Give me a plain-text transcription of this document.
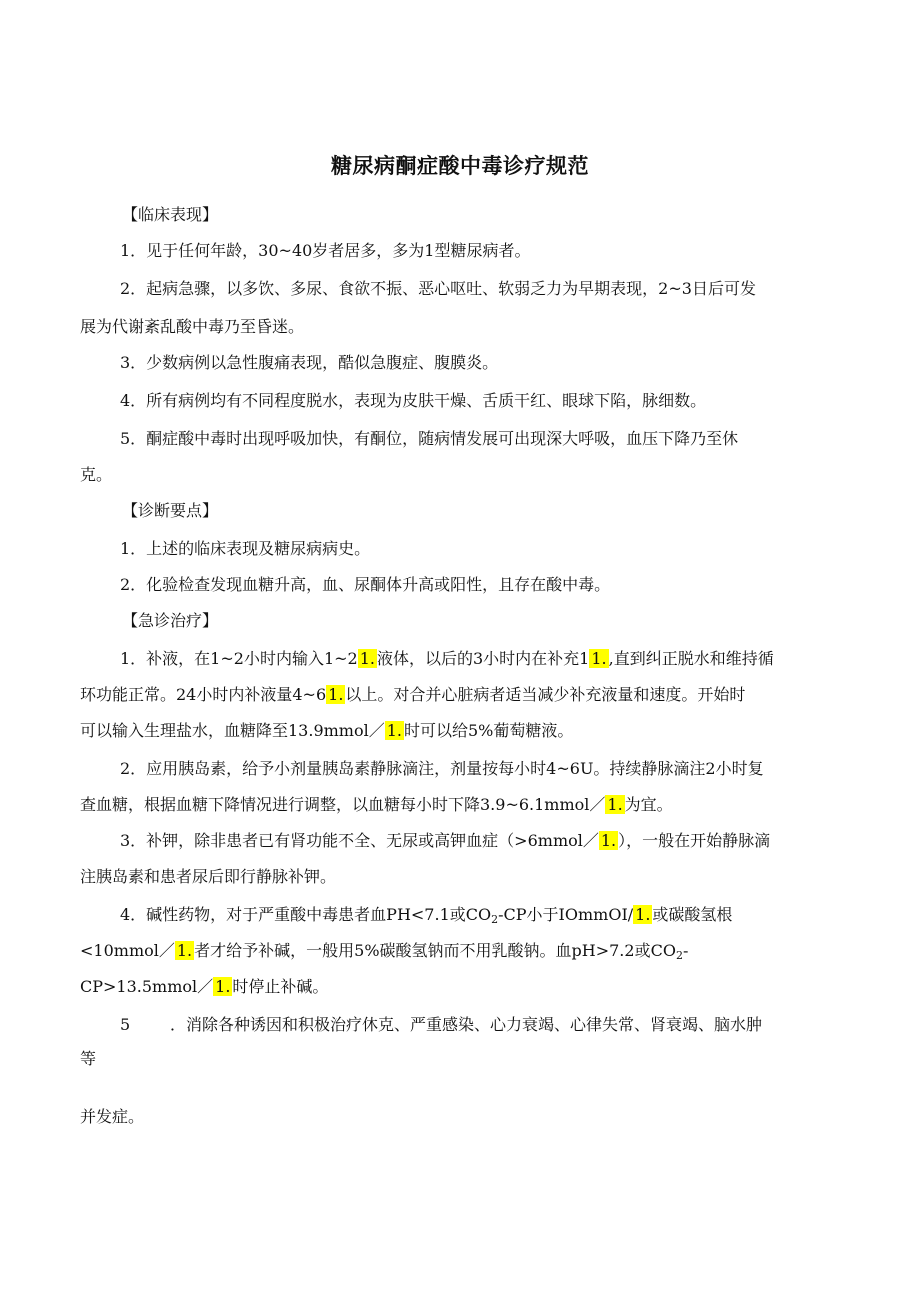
糖尿病酮症酸中毒诊疗规范
【临床表现】
1．见于任何年龄，30~40岁者居多，多为1型糖尿病者。
2．起病急骤，以多饮、多尿、食欲不振、恶心呕吐、软弱乏力为早期表现，2~3日后可发
展为代谢紊乱酸中毒乃至昏迷。
3．少数病例以急性腹痛表现，酷似急腹症、腹膜炎。
4．所有病例均有不同程度脱水，表现为皮肤干燥、舌质干红、眼球下陷，脉细数。
5．酮症酸中毒时出现呼吸加快，有酮位，随病情发展可出现深大呼吸，血压下降乃至休
克。
【诊断要点】
1．上述的临床表现及糖尿病病史。
2．化验检查发现血糖升高，血、尿酮体升高或阳性，且存在酸中毒。
【急诊治疗】
1．补液，在1~2小时内输入1~2 1. 液体，以后的3小时内在补充1 1. ,直到纠正脱水和维持循
环功能正常。24小时内补液量4~6 1. 以上。对合并心脏病者适当减少补充液量和速度。开始时
可以输入生理盐水，血糖降至13.9mmol／ 1. 时可以给5%葡萄糖液。
2．应用胰岛素，给予小剂量胰岛素静脉滴注，剂量按每小时4~6U。持续静脉滴注2小时复
查血糖，根据血糖下降情况进行调整，以血糖每小时下降3.9~6.1mmol／ 1. 为宜。
3．补钾，除非患者已有肾功能不全、无尿或高钾血症（>6mmol／ 1. ），一般在开始静脉滴
注胰岛素和患者尿后即行静脉补钾。
4．碱性药物，对于严重酸中毒患者血PH<7.1或$CO_2-CP$小于IOmmOI/ 1. 或碳酸氢根
<10mmol／ 1. 者才给予补碱，一般用5%碳酸氢钠而不用乳酸钠。血pH>7.2或$CO_2-$
CP>13.5mmol／ 1. 时停止补碱。
5 ．消除各种诱因和积极治疗休克、严重感染、心力衰竭、心律失常、肾衰竭、脑水肿
等
并发症。
